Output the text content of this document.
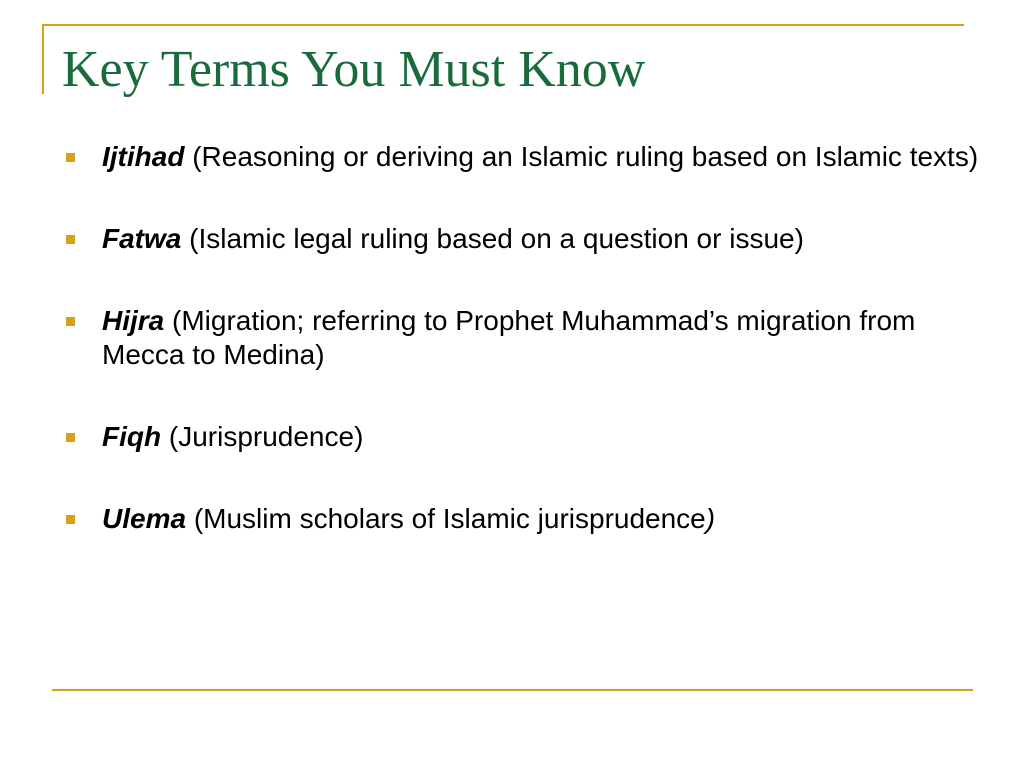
Key Terms You Must Know
Ijtihad (Reasoning or deriving an Islamic ruling based on Islamic texts)
Fatwa (Islamic legal ruling based on a question or issue)
Hijra (Migration; referring to Prophet Muhammad’s migration from Mecca to Medina)
Fiqh (Jurisprudence)
Ulema (Muslim scholars of Islamic jurisprudence)
